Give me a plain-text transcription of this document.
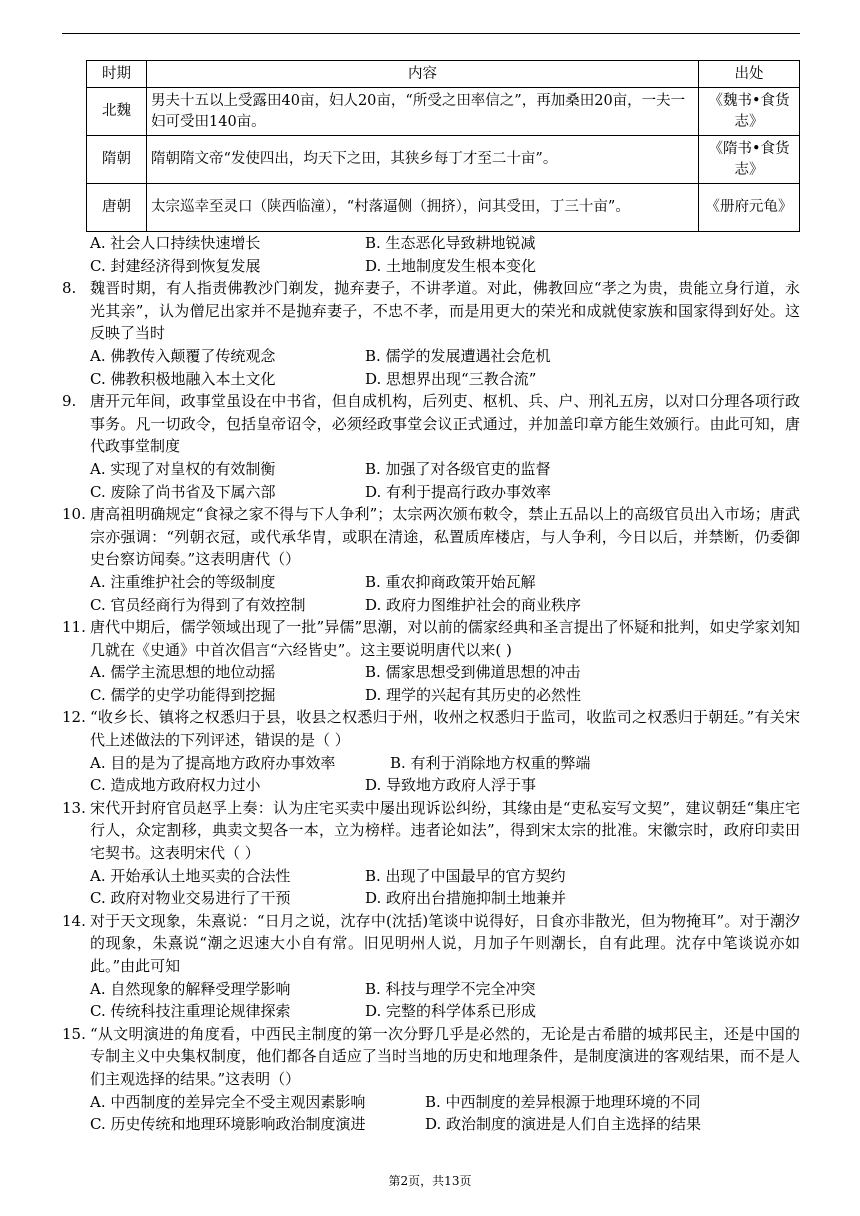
时期	内容	出处
北魏	男夫十五以上受露田40亩，妇人20亩，“所受之田率信之”，再加桑田20亩，一夫一妇可受田140亩。	《魏书•食货志》
隋朝	隋朝隋文帝“发使四出，均天下之田，其狭乡每丁才至二十亩”。	《隋书•食货志》
唐朝	太宗巡幸至灵口（陕西临潼），“村落逼侧（拥挤），问其受田，丁三十亩”。	《册府元龟》
A. 社会人口持续快速增长	B. 生态恶化导致耕地锐减
C. 封建经济得到恢复发展	D. 土地制度发生根本变化
8. 魏晋时期，有人指责佛教沙门剃发，抛弃妻子，不讲孝道。对此，佛教回应“孝之为贵，贵能立身行道，永光其亲”，认为僧尼出家并不是抛弃妻子，不忠不孝，而是用更大的荣光和成就使家族和国家得到好处。这反映了当时
A. 佛教传入颠覆了传统观念	B. 儒学的发展遭遇社会危机
C. 佛教积极地融入本土文化	D. 思想界出现“三教合流”
9. 唐开元年间，政事堂虽设在中书省，但自成机构，后列吏、枢机、兵、户、刑礼五房，以对口分理各项行政事务。凡一切政令，包括皇帝诏令，必须经政事堂会议正式通过，并加盖印章方能生效颁行。由此可知，唐代政事堂制度
A. 实现了对皇权的有效制衡	B. 加强了对各级官吏的监督
C. 废除了尚书省及下属六部	D. 有利于提高行政办事效率
10. 唐高祖明确规定“食禄之家不得与下人争利”；太宗两次颁布敕令，禁止五品以上的高级官员出入市场；唐武宗亦强调：“列朝衣冠，或代承华胄，或职在清途，私置质库楼店，与人争利，今日以后，并禁断，仍委御史台察访闻奏。”这表明唐代（）
A. 注重维护社会的等级制度	B. 重农抑商政策开始瓦解
C. 官员经商行为得到了有效控制	D. 政府力图维护社会的商业秩序
11. 唐代中期后，儒学领域出现了一批”异儒”思潮，对以前的儒家经典和圣言提出了怀疑和批判，如史学家刘知几就在《史通》中首次倡言“六经皆史”。这主要说明唐代以来( )
A. 儒学主流思想的地位动摇	B. 儒家思想受到佛道思想的冲击
C. 儒学的史学功能得到挖掘	D. 理学的兴起有其历史的必然性
12. “收乡长、镇将之权悉归于县，收县之权悉归于州，收州之权悉归于监司，收监司之权悉归于朝廷。”有关宋代上述做法的下列评述，错误的是（ ）
A. 目的是为了提高地方政府办事效率	B. 有利于消除地方权重的弊端
C. 造成地方政府权力过小	D. 导致地方政府人浮于事
13. 宋代开封府官员赵孚上奏：认为庄宅买卖中屡出现诉讼纠纷，其缘由是“吏私妄写文契”，建议朝廷“集庄宅行人，众定割移，典卖文契各一本，立为榜样。违者论如法”，得到宋太宗的批准。宋徽宗时，政府印卖田宅契书。这表明宋代（ ）
A. 开始承认土地买卖的合法性	B. 出现了中国最早的官方契约
C. 政府对物业交易进行了干预	D. 政府出台措施抑制土地兼并
14. 对于天文现象，朱熹说：“日月之说，沈存中(沈括)笔谈中说得好，日食亦非散光，但为物掩耳”。对于潮汐的现象，朱熹说“潮之迟速大小自有常。旧见明州人说，月加子午则潮长，自有此理。沈存中笔谈说亦如此。”由此可知
A. 自然现象的解释受理学影响	B. 科技与理学不完全冲突
C. 传统科技注重理论规律探索	D. 完整的科学体系已形成
15. “从文明演进的角度看，中西民主制度的第一次分野几乎是必然的，无论是古希腊的城邦民主，还是中国的专制主义中央集权制度，他们都各自适应了当时当地的历史和地理条件，是制度演进的客观结果，而不是人们主观选择的结果。”这表明（）
A. 中西制度的差异完全不受主观因素影响	B. 中西制度的差异根源于地理环境的不同
C. 历史传统和地理环境影响政治制度演进	D. 政治制度的演进是人们自主选择的结果
第2页，共13页
